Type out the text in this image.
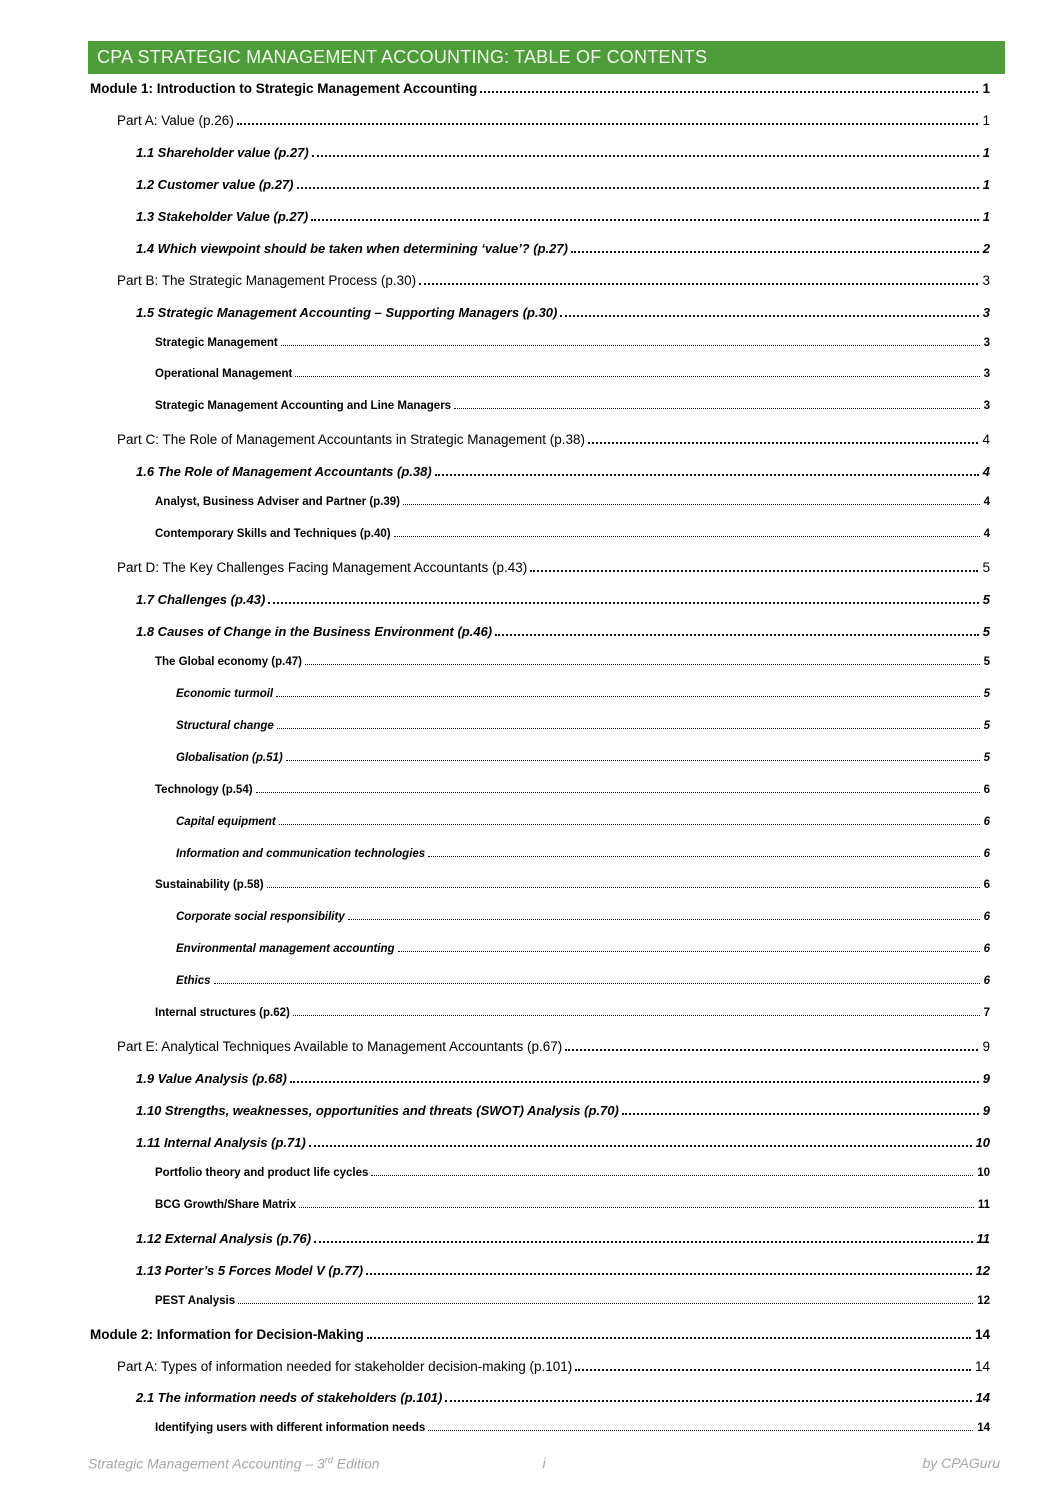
CPA STRATEGIC MANAGEMENT ACCOUNTING: TABLE OF CONTENTS
Module 1: Introduction to Strategic Management Accounting	1
Part A: Value (p.26)	1
1.1 Shareholder value (p.27)	1
1.2 Customer value (p.27)	1
1.3 Stakeholder Value (p.27)	1
1.4 Which viewpoint should be taken when determining ‘value’? (p.27)	2
Part B: The Strategic Management Process (p.30)	3
1.5 Strategic Management Accounting – Supporting Managers (p.30)	3
Strategic Management	3
Operational Management	3
Strategic Management Accounting and Line Managers	3
Part C: The Role of Management Accountants in Strategic Management (p.38)	4
1.6 The Role of Management Accountants (p.38)	4
Analyst, Business Adviser and Partner (p.39)	4
Contemporary Skills and Techniques (p.40)	4
Part D: The Key Challenges Facing Management Accountants (p.43)	5
1.7 Challenges (p.43)	5
1.8 Causes of Change in the Business Environment (p.46)	5
The Global economy (p.47)	5
Economic turmoil	5
Structural change	5
Globalisation (p.51)	5
Technology (p.54)	6
Capital equipment	6
Information and communication technologies	6
Sustainability (p.58)	6
Corporate social responsibility	6
Environmental management accounting	6
Ethics	6
Internal structures (p.62)	7
Part E: Analytical Techniques Available to Management Accountants (p.67)	9
1.9 Value Analysis (p.68)	9
1.10 Strengths, weaknesses, opportunities and threats (SWOT) Analysis (p.70)	9
1.11 Internal Analysis (p.71)	10
Portfolio theory and product life cycles	10
BCG Growth/Share Matrix	11
1.12 External Analysis (p.76)	11
1.13 Porter’s 5 Forces Model V (p.77)	12
PEST Analysis	12
Module 2: Information for Decision-Making	14
Part A: Types of information needed for stakeholder decision-making (p.101)	14
2.1 The information needs of stakeholders (p.101)	14
Identifying users with different information needs	14
Strategic Management Accounting – 3rd Edition	i	by CPAGuru
